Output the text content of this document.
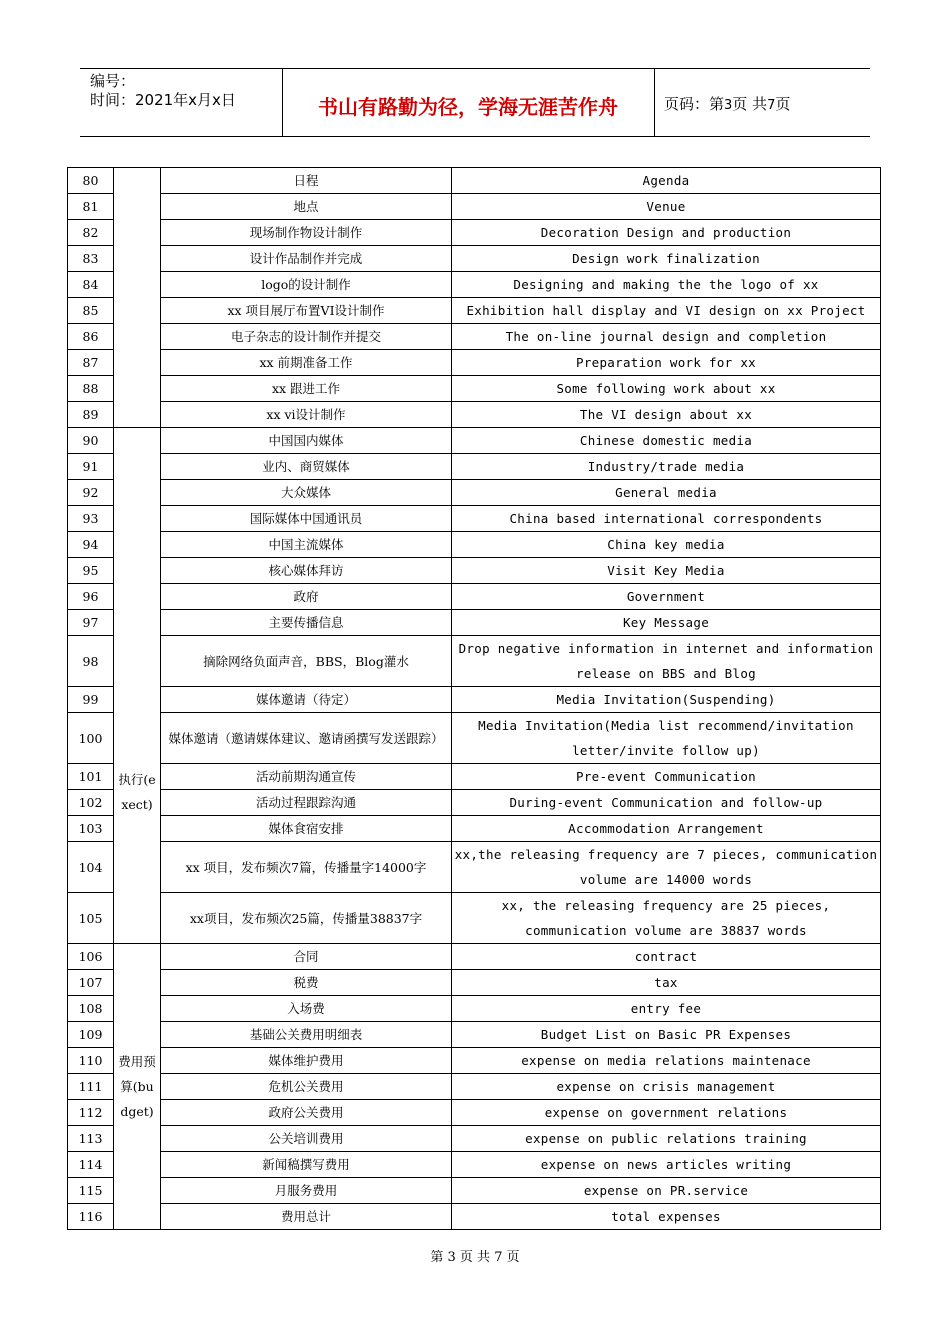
编号：
时间：2021年x月x日	书山有路勤为径，学海无涯苦作舟	页码：第3页 共7页
80		日程	Agenda
81		地点	Venue
82		现场制作物设计制作	Decoration Design and production
83		设计作品制作并完成	Design work finalization
84		logo的设计制作	Designing and making the the logo of xx
85		xx 项目展厅布置VI设计制作	Exhibition hall display and VI design on xx Project
86		电子杂志的设计制作并提交	The on-line journal design and completion
87		xx 前期准备工作	Preparation work for xx
88		xx 跟进工作	Some following work about xx
89		xx vi设计制作	The VI design about xx
90	执行(exect)	中国国内媒体	Chinese domestic media
91		业内、商贸媒体	Industry/trade media
92		大众媒体	General media
93		国际媒体中国通讯员	China based international correspondents
94		中国主流媒体	China key media
95		核心媒体拜访	Visit Key Media
96		政府	Government
97		主要传播信息	Key Message
98		摘除网络负面声音，BBS，Blog灌水	Drop negative information in internet and information release on BBS and Blog
99		媒体邀请（待定）	Media Invitation(Suspending)
100		媒体邀请（邀请媒体建议、邀请函撰写发送跟踪）	Media Invitation(Media list recommend/invitation letter/invite follow up)
101		活动前期沟通宣传	Pre-event Communication
102		活动过程跟踪沟通	During-event Communication and follow-up
103		媒体食宿安排	Accommodation Arrangement
104		xx 项目，发布频次7篇，传播量字14000字	xx,the releasing frequency are 7 pieces, communication volume are 14000 words
105		xx项目，发布频次25篇，传播量38837字	xx, the releasing frequency are 25 pieces, communication volume are 38837 words
106	费用预算(budget)	合同	contract
107		税费	tax
108		入场费	entry fee
109		基础公关费用明细表	Budget List on Basic PR Expenses
110		媒体维护费用	expense on media relations maintenace
111		危机公关费用	expense on crisis management
112		政府公关费用	expense on government relations
113		公关培训费用	expense on public relations training
114		新闻稿撰写费用	expense on news articles writing
115		月服务费用	expense on PR.service
116		费用总计	total expenses
第 3 页 共 7 页
